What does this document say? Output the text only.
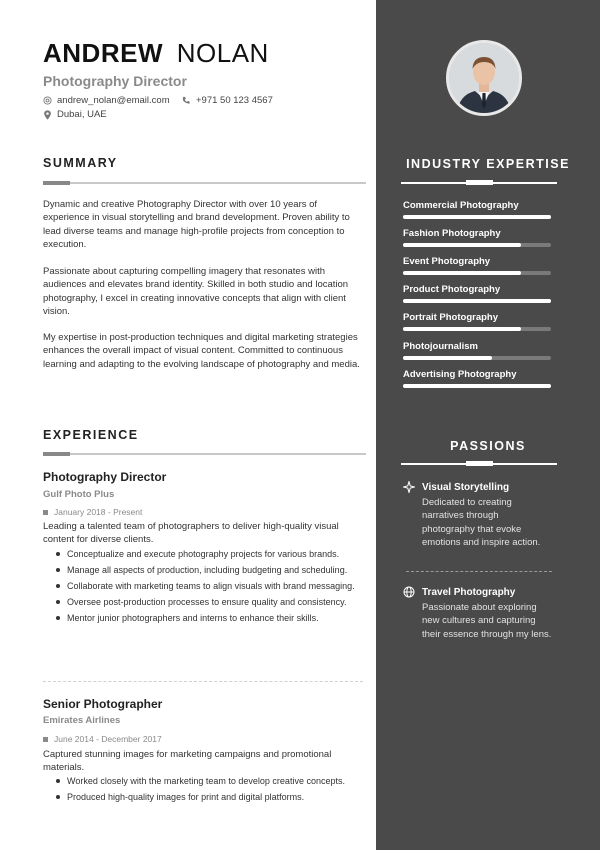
ANDREW NOLAN
Photography Director
andrew_nolan@email.com	+971 50 123 4567
Dubai, UAE
SUMMARY
Dynamic and creative Photography Director with over 10 years of experience in visual storytelling and brand development. Proven ability to lead diverse teams and manage high-profile projects from conception to execution.
Passionate about capturing compelling imagery that resonates with audiences and elevates brand identity. Skilled in both studio and location photography, I excel in creating innovative concepts that align with client vision.
My expertise in post-production techniques and digital marketing strategies enhances the overall impact of visual content. Committed to continuous learning and adapting to the evolving landscape of photography and media.
EXPERIENCE
Photography Director
Gulf Photo Plus
January 2018 - Present
Leading a talented team of photographers to deliver high-quality visual content for diverse clients.
Conceptualize and execute photography projects for various brands.
Manage all aspects of production, including budgeting and scheduling.
Collaborate with marketing teams to align visuals with brand messaging.
Oversee post-production processes to ensure quality and consistency.
Mentor junior photographers and interns to enhance their skills.
Senior Photographer
Emirates Airlines
June 2014 - December 2017
Captured stunning images for marketing campaigns and promotional materials.
Worked closely with the marketing team to develop creative concepts.
Produced high-quality images for print and digital platforms.
INDUSTRY EXPERTISE
Commercial Photography
Fashion Photography
Event Photography
Product Photography
Portrait Photography
Photojournalism
Advertising Photography
PASSIONS
Visual Storytelling
Dedicated to creating narratives through photography that evoke emotions and inspire action.
Travel Photography
Passionate about exploring new cultures and capturing their essence through my lens.
